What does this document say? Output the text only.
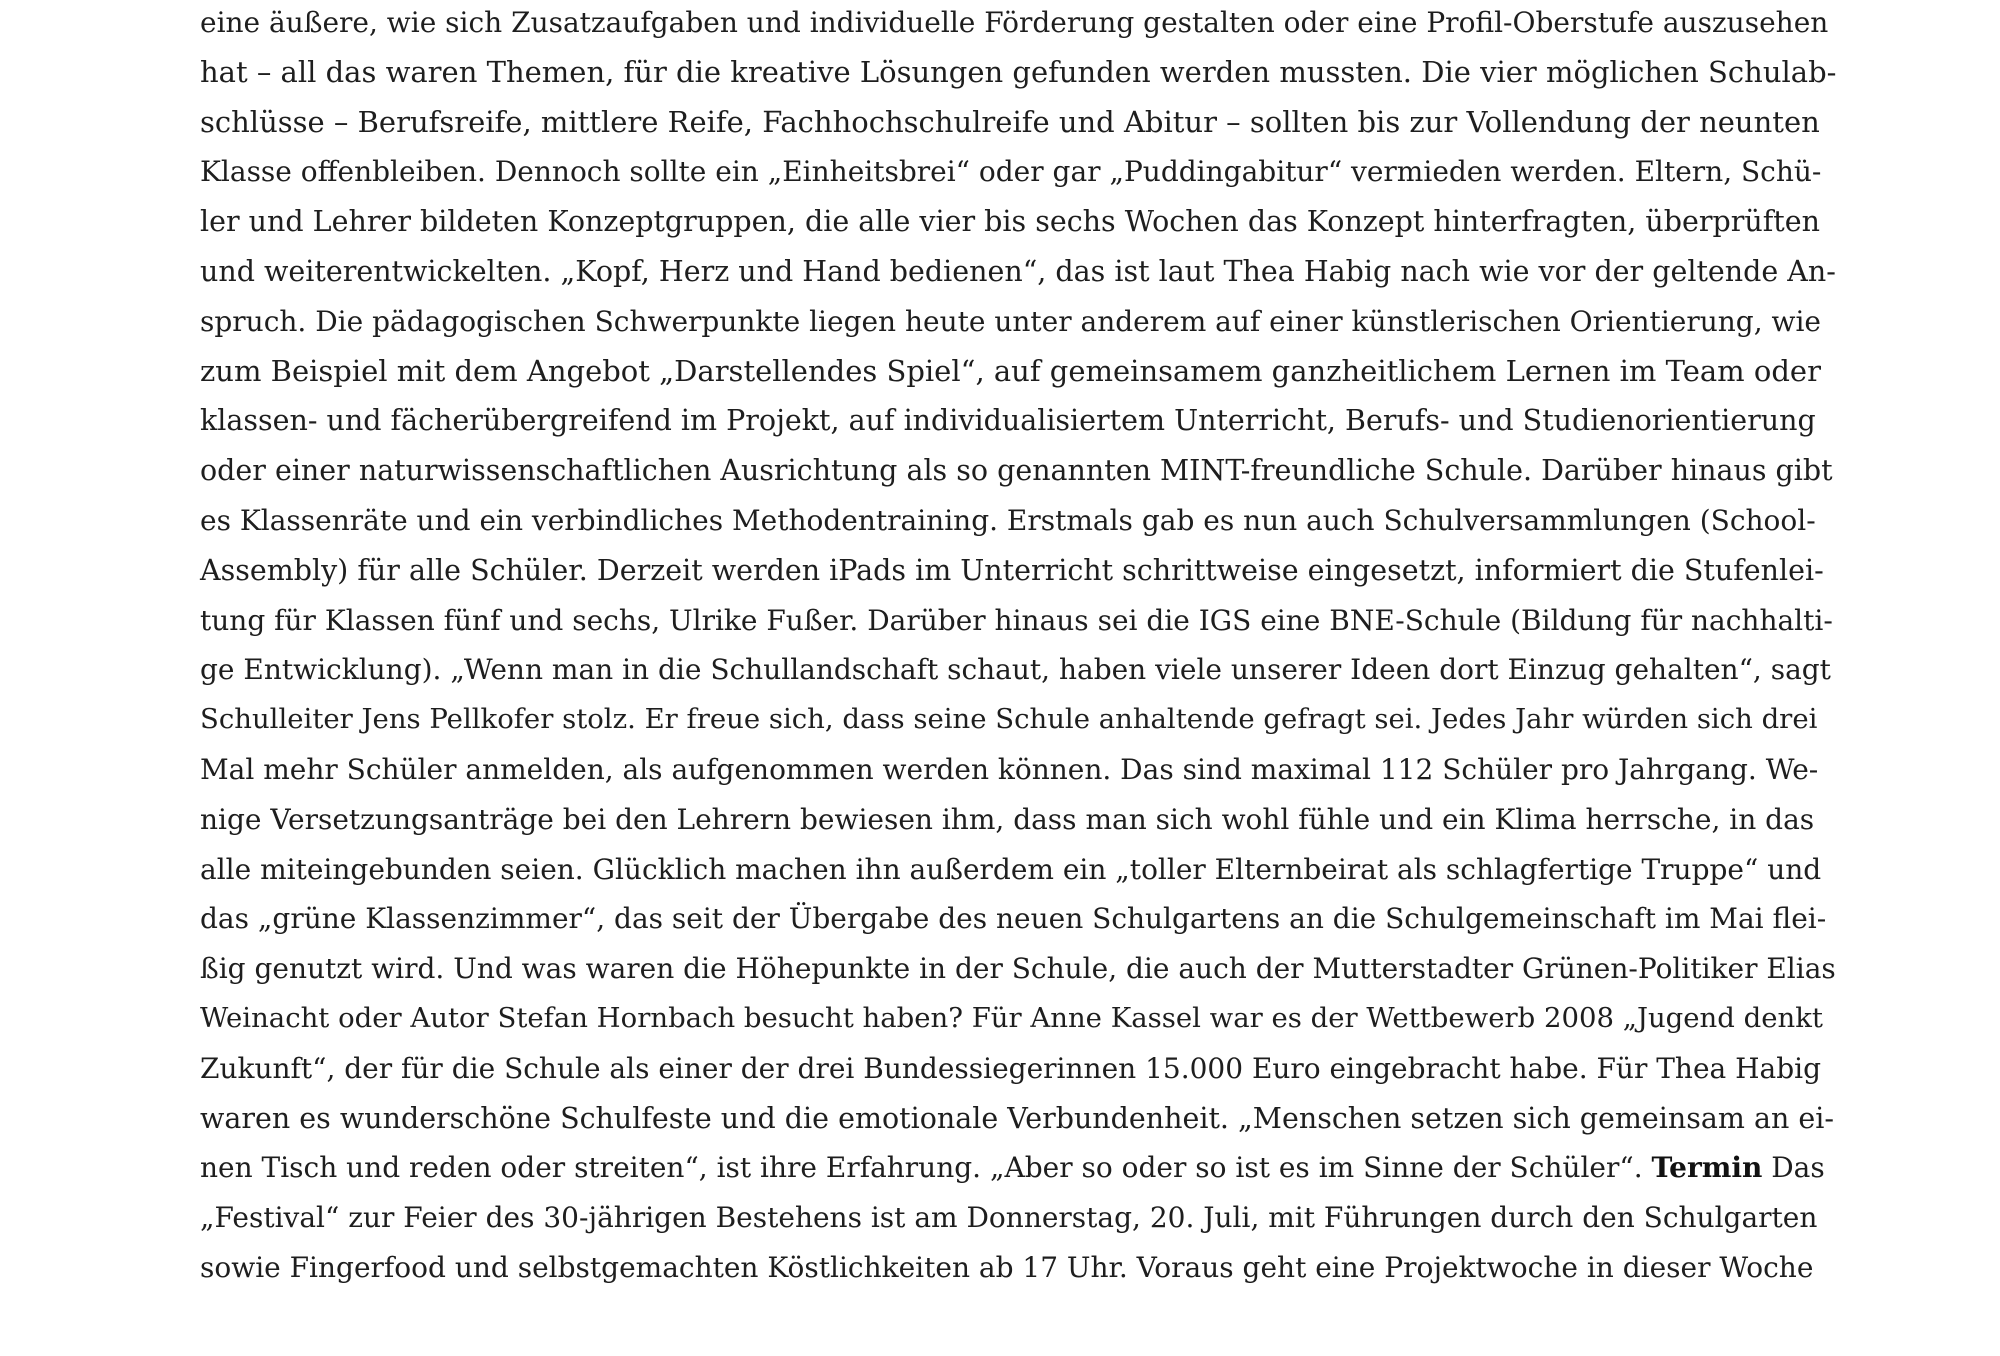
eine äußere, wie sich Zusatzaufgaben und individuelle Förderung gestalten oder eine Profil-Oberstufe auszusehen
hat – all das waren Themen, für die kreative Lösungen gefunden werden mussten. Die vier möglichen Schulab-
schlüsse – Berufsreife, mittlere Reife, Fachhochschulreife und Abitur – sollten bis zur Vollendung der neunten
Klasse offenbleiben. Dennoch sollte ein „Einheitsbrei“ oder gar „Puddingabitur“ vermieden werden. Eltern, Schü-
ler und Lehrer bildeten Konzeptgruppen, die alle vier bis sechs Wochen das Konzept hinterfragten, überprüften
und weiterentwickelten. „Kopf, Herz und Hand bedienen“, das ist laut Thea Habig nach wie vor der geltende An-
spruch. Die pädagogischen Schwerpunkte liegen heute unter anderem auf einer künstlerischen Orientierung, wie
zum Beispiel mit dem Angebot „Darstellendes Spiel“, auf gemeinsamem ganzheitlichem Lernen im Team oder
klassen- und fächerübergreifend im Projekt, auf individualisiertem Unterricht, Berufs- und Studienorientierung
oder einer naturwissenschaftlichen Ausrichtung als so genannten MINT-freundliche Schule. Darüber hinaus gibt
es Klassenräte und ein verbindliches Methodentraining. Erstmals gab es nun auch Schulversammlungen (School-
Assembly) für alle Schüler. Derzeit werden iPads im Unterricht schrittweise eingesetzt, informiert die Stufenlei-
tung für Klassen fünf und sechs, Ulrike Fußer. Darüber hinaus sei die IGS eine BNE-Schule (Bildung für nachhalti-
ge Entwicklung). „Wenn man in die Schullandschaft schaut, haben viele unserer Ideen dort Einzug gehalten“, sagt
Schulleiter Jens Pellkofer stolz. Er freue sich, dass seine Schule anhaltende gefragt sei. Jedes Jahr würden sich drei
Mal mehr Schüler anmelden, als aufgenommen werden können. Das sind maximal 112 Schüler pro Jahrgang. We-
nige Versetzungsanträge bei den Lehrern bewiesen ihm, dass man sich wohl fühle und ein Klima herrsche, in das
alle miteingebunden seien. Glücklich machen ihn außerdem ein „toller Elternbeirat als schlagfertige Truppe“ und
das „grüne Klassenzimmer“, das seit der Übergabe des neuen Schulgartens an die Schulgemeinschaft im Mai flei-
ßig genutzt wird. Und was waren die Höhepunkte in der Schule, die auch der Mutterstadter Grünen-Politiker Elias
Weinacht oder Autor Stefan Hornbach besucht haben? Für Anne Kassel war es der Wettbewerb 2008 „Jugend denkt
Zukunft“, der für die Schule als einer der drei Bundessiegerinnen 15.000 Euro eingebracht habe. Für Thea Habig
waren es wunderschöne Schulfeste und die emotionale Verbundenheit. „Menschen setzen sich gemeinsam an ei-
nen Tisch und reden oder streiten“, ist ihre Erfahrung. „Aber so oder so ist es im Sinne der Schüler“. Termin Das
„Festival“ zur Feier des 30-jährigen Bestehens ist am Donnerstag, 20. Juli, mit Führungen durch den Schulgarten
sowie Fingerfood und selbstgemachten Köstlichkeiten ab 17 Uhr. Voraus geht eine Projektwoche in dieser Woche
